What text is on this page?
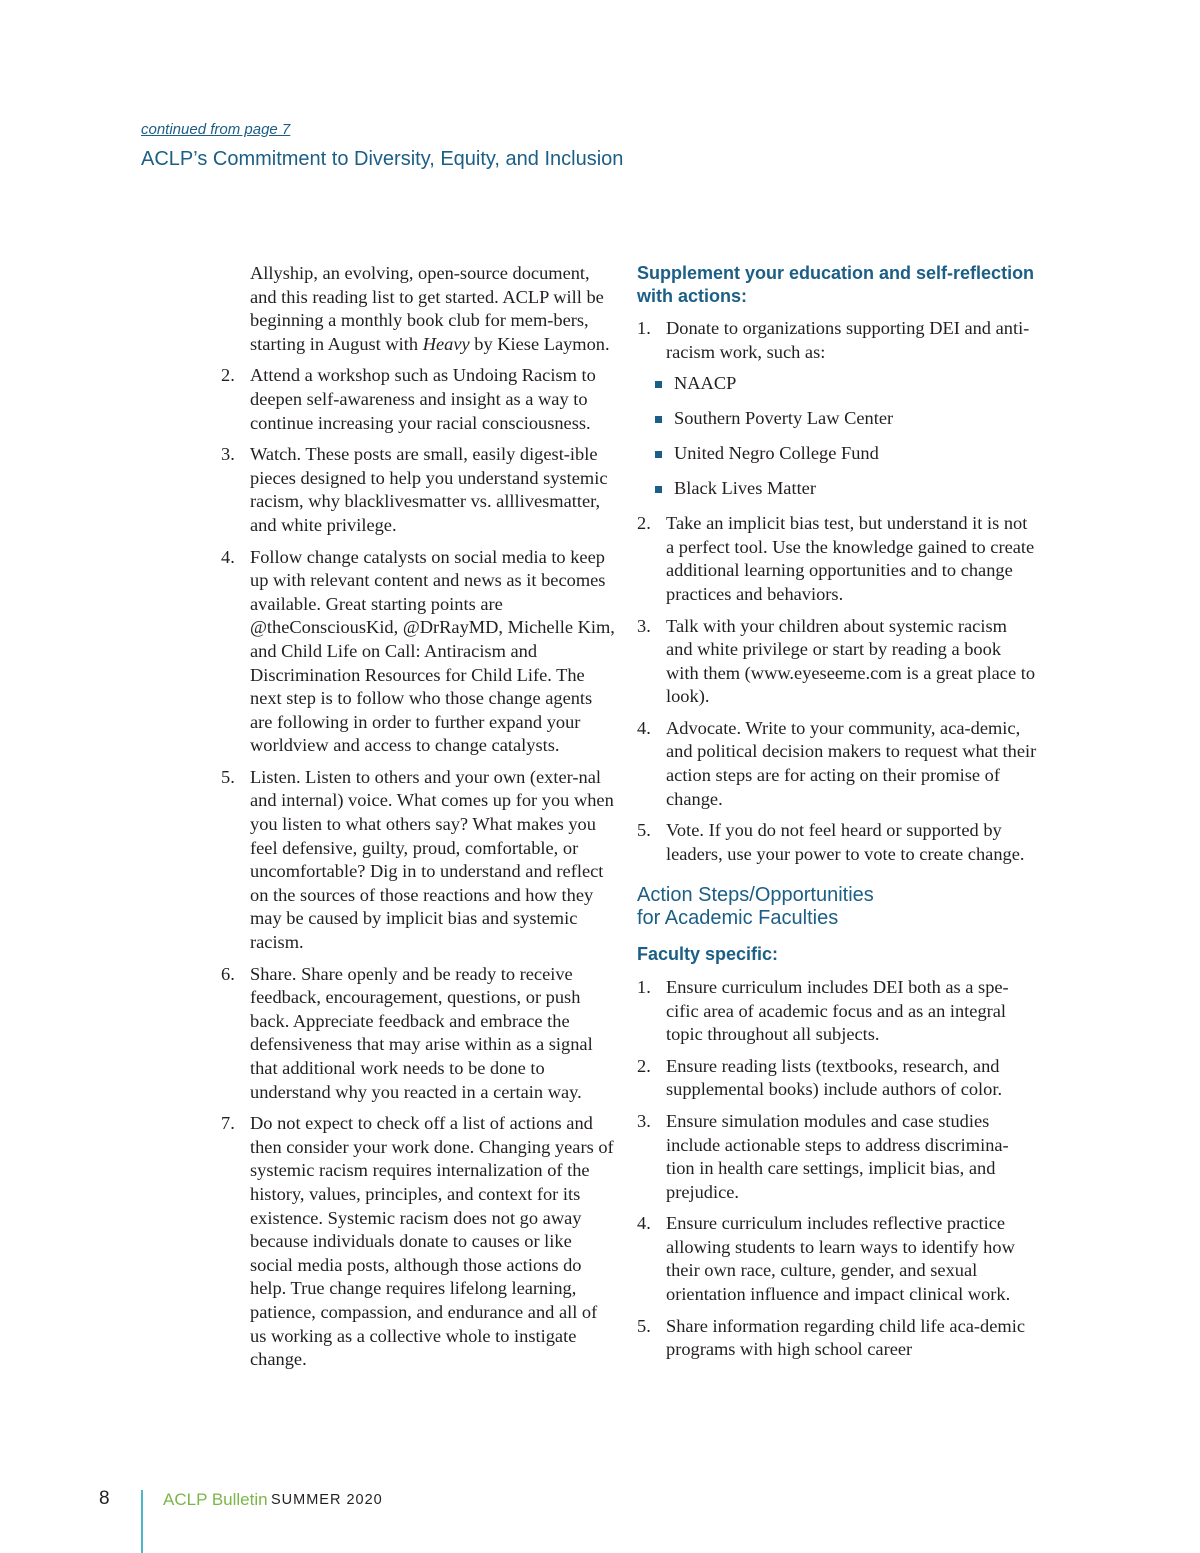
continued from page 7
ACLP’s Commitment to Diversity, Equity, and Inclusion

Allyship, an evolving, open-source document, and this reading list to get started. ACLP will be beginning a monthly book club for mem-bers, starting in August with Heavy by Kiese Laymon.

2. Attend a workshop such as Undoing Racism to deepen self-awareness and insight as a way to continue increasing your racial consciousness.
3. Watch. These posts are small, easily digest-ible pieces designed to help you understand systemic racism, why blacklivesmatter vs. alllivesmatter, and white privilege.
4. Follow change catalysts on social media to keep up with relevant content and news as it becomes available. Great starting points are @theConsciousKid, @DrRayMD, Michelle Kim, and Child Life on Call: Antiracism and Discrimination Resources for Child Life. The next step is to follow who those change agents are following in order to further expand your worldview and access to change catalysts.
5. Listen. Listen to others and your own (exter-nal and internal) voice. What comes up for you when you listen to what others say? What makes you feel defensive, guilty, proud, comfortable, or uncomfortable? Dig in to understand and reflect on the sources of those reactions and how they may be caused by implicit bias and systemic racism.
6. Share. Share openly and be ready to receive feedback, encouragement, questions, or push back. Appreciate feedback and embrace the defensiveness that may arise within as a signal that additional work needs to be done to understand why you reacted in a certain way.
7. Do not expect to check off a list of actions and then consider your work done. Changing years of systemic racism requires internalization of the history, values, principles, and context for its existence. Systemic racism does not go away because individuals donate to causes or like social media posts, although those actions do help. True change requires lifelong learning, patience, compassion, and endurance and all of us working as a collective whole to instigate change.
Supplement your education and self-reflection with actions:
1. Donate to organizations supporting DEI and anti-racism work, such as:
NAACP
Southern Poverty Law Center
United Negro College Fund
Black Lives Matter
2. Take an implicit bias test, but understand it is not a perfect tool. Use the knowledge gained to create additional learning opportunities and to change practices and behaviors.
3. Talk with your children about systemic racism and white privilege or start by reading a book with them (www.eyeseeme.com is a great place to look).
4. Advocate. Write to your community, aca-demic, and political decision makers to request what their action steps are for acting on their promise of change.
5. Vote. If you do not feel heard or supported by leaders, use your power to vote to create change.
Action Steps/Opportunities
for Academic Faculties
Faculty specific:
1. Ensure curriculum includes DEI both as a spe-cific area of academic focus and as an integral topic throughout all subjects.
2. Ensure reading lists (textbooks, research, and supplemental books) include authors of color.
3. Ensure simulation modules and case studies include actionable steps to address discrimina-tion in health care settings, implicit bias, and prejudice.
4. Ensure curriculum includes reflective practice allowing students to learn ways to identify how their own race, culture, gender, and sexual orientation influence and impact clinical work.
5. Share information regarding child life aca-demic programs with high school career
8	ACLP Bulletin SUMMER 2020
